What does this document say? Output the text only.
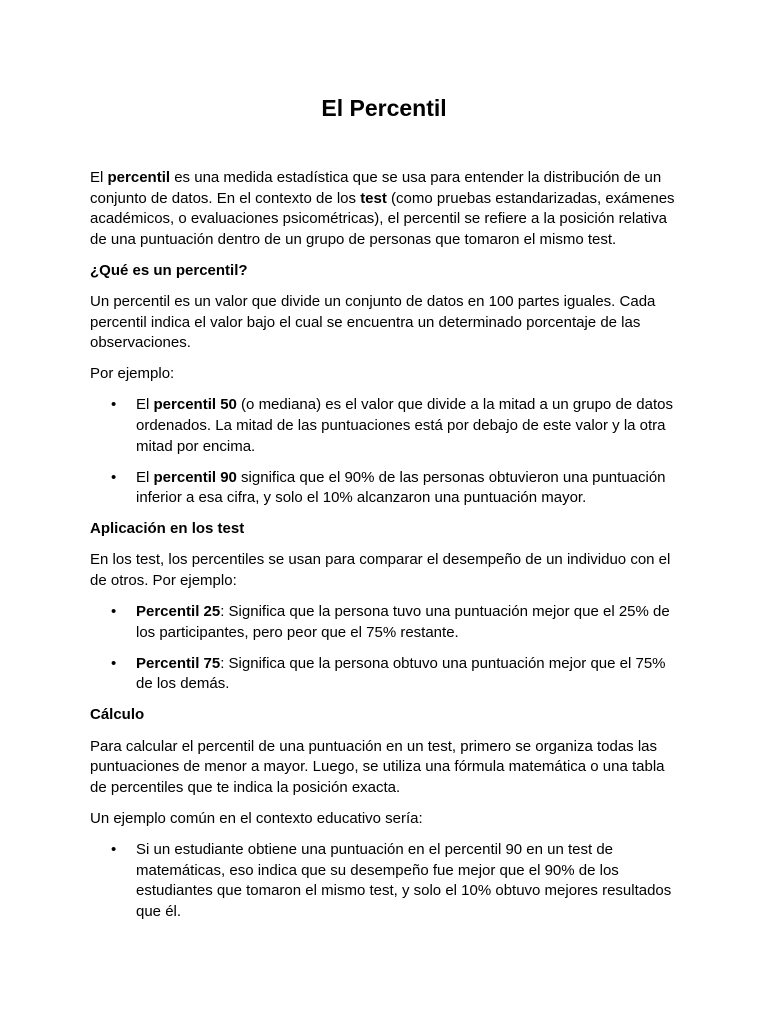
El Percentil

El percentil es una medida estadística que se usa para entender la distribución de un conjunto de datos. En el contexto de los test (como pruebas estandarizadas, exámenes académicos, o evaluaciones psicométricas), el percentil se refiere a la posición relativa de una puntuación dentro de un grupo de personas que tomaron el mismo test.

¿Qué es un percentil?

Un percentil es un valor que divide un conjunto de datos en 100 partes iguales. Cada percentil indica el valor bajo el cual se encuentra un determinado porcentaje de las observaciones.

Por ejemplo:

• El percentil 50 (o mediana) es el valor que divide a la mitad a un grupo de datos ordenados. La mitad de las puntuaciones está por debajo de este valor y la otra mitad por encima.
• El percentil 90 significa que el 90% de las personas obtuvieron una puntuación inferior a esa cifra, y solo el 10% alcanzaron una puntuación mayor.

Aplicación en los test

En los test, los percentiles se usan para comparar el desempeño de un individuo con el de otros. Por ejemplo:

• Percentil 25: Significa que la persona tuvo una puntuación mejor que el 25% de los participantes, pero peor que el 75% restante.
• Percentil 75: Significa que la persona obtuvo una puntuación mejor que el 75% de los demás.

Cálculo

Para calcular el percentil de una puntuación en un test, primero se organiza todas las puntuaciones de menor a mayor. Luego, se utiliza una fórmula matemática o una tabla de percentiles que te indica la posición exacta.

Un ejemplo común en el contexto educativo sería:

• Si un estudiante obtiene una puntuación en el percentil 90 en un test de matemáticas, eso indica que su desempeño fue mejor que el 90% de los estudiantes que tomaron el mismo test, y solo el 10% obtuvo mejores resultados que él.
